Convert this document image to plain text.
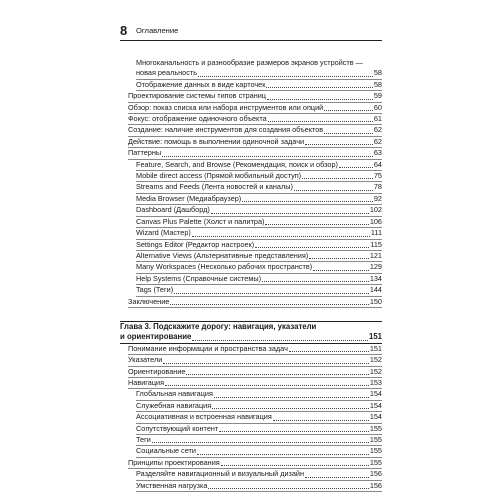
8 Оглавление
Многоканальность и разнообразие размеров экранов устройств —
новая реальность	58
Отображение данных в виде карточек	58
Проектирование системы типов страниц	59
Обзор: показ списка или набора инструментов или опций	60
Фокус: отображение одиночного объекта	61
Создание: наличие инструментов для создания объектов	62
Действие: помощь в выполнении одиночной задачи	62
Паттерны	63
Feature, Search, and Browse (Рекомендация, поиск и обзор)	64
Mobile direct access (Прямой мобильный доступ)	75
Streams and Feeds (Лента новостей и каналы)	78
Media Browser (Медиабраузер)	92
Dashboard (Дашборд)	102
Canvas Plus Palette (Холст и палитра)	106
Wizard (Мастер)	111
Settings Editor (Редактор настроек)	115
Alternative Views (Альтернативные представления)	121
Many Workspaces (Несколько рабочих пространств)	129
Help Systems (Справочные системы)	134
Tags (Теги)	144
Заключение	150
Глава 3. Подскажите дорогу: навигация, указатели
и ориентирование	151
Понимание информации и пространства задач	151
Указатели	152
Ориентирование	152
Навигация	153
Глобальная навигация	154
Служебная навигация	154
Ассоциативная и встроенная навигация	154
Сопутствующий контент	155
Теги	155
Социальные сети	155
Принципы проектирования	155
Разделяйте навигационный и визуальный дизайн	156
Умственная нагрузка	156
